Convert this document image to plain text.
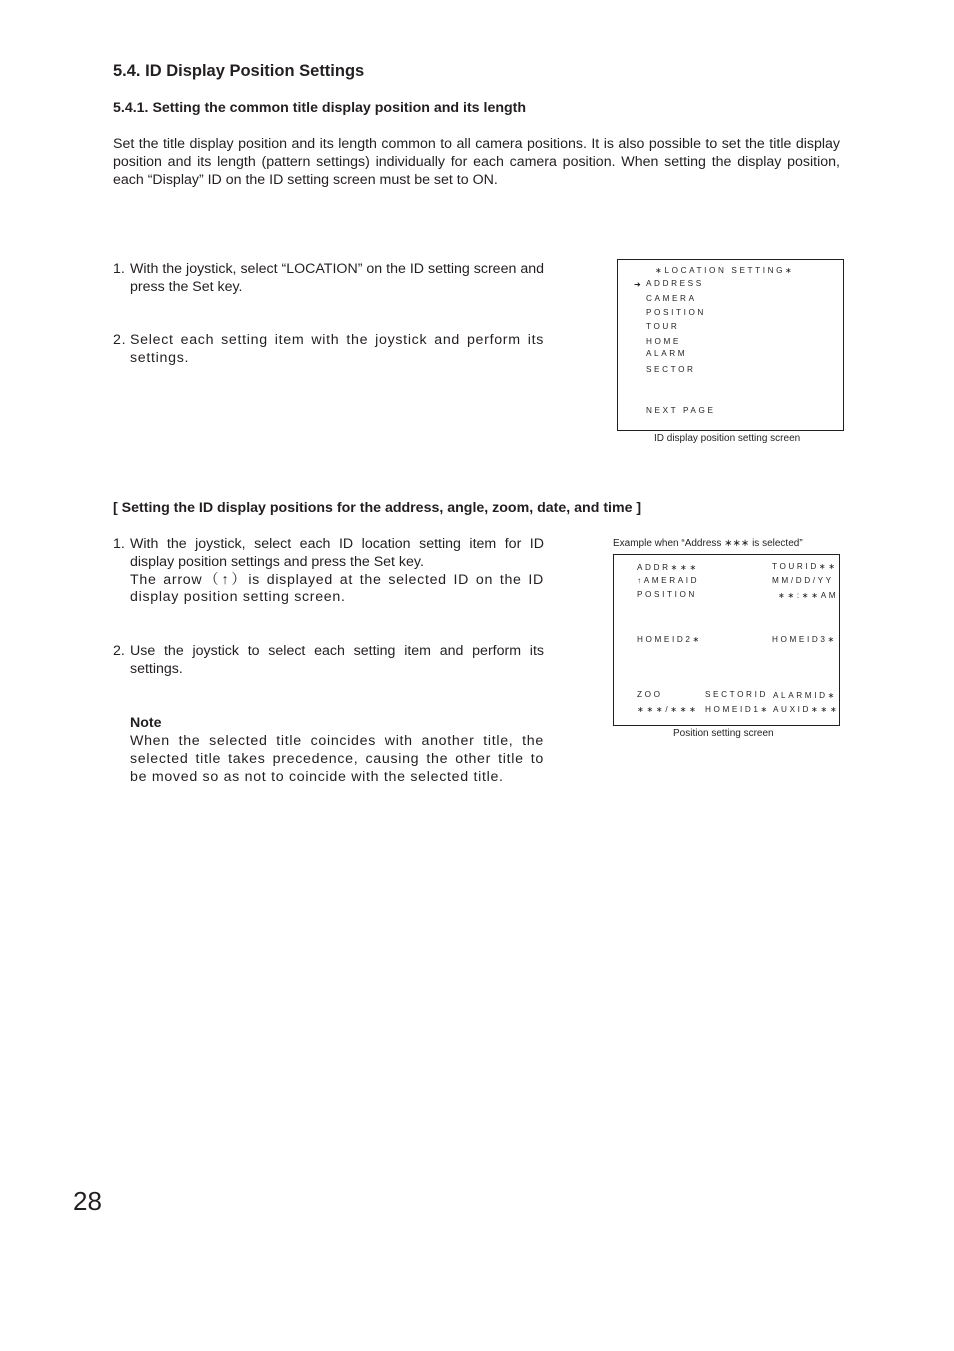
5.4. ID Display Position Settings
5.4.1. Setting the common title display position and its length

Set the title display position and its length common to all camera positions. It is also possible to set the title display position and its length (pattern settings) individually for each camera position. When setting the display position, each “Display” ID on the ID setting screen must be set to ON.

1. With the joystick, select “LOCATION” on the ID setting screen and press the Set key.
2. Select each setting item with the joystick and perform its settings.
∗LOCATION SETTING∗
➜ ADDRESS
CAMERA
POSITION
TOUR
HOME
ALARM
SECTOR
NEXT PAGE
ID display position setting screen
[ Setting the ID display positions for the address, angle, zoom, date, and time ]
1. With the joystick, select each ID location setting item for ID display position settings and press the Set key.
The arrow（↑）is displayed at the selected ID on the ID display position setting screen.
2. Use the joystick to select each setting item and perform its settings.
Note
When the selected title coincides with another title, the selected title takes precedence, causing the other title to be moved so as not to coincide with the selected title.
Example when “Address ∗∗∗ is selected”
ADDR∗∗∗
↑AMERAID
POSITION
TOURID∗∗
MM/DD/YY
∗∗:∗∗AM
HOMEID2∗	HOMEID3∗
ZOO
∗∗∗/∗∗∗
SECTORID
HOMEID1∗
ALARMID∗
AUXID∗∗∗
Position setting screen
28
